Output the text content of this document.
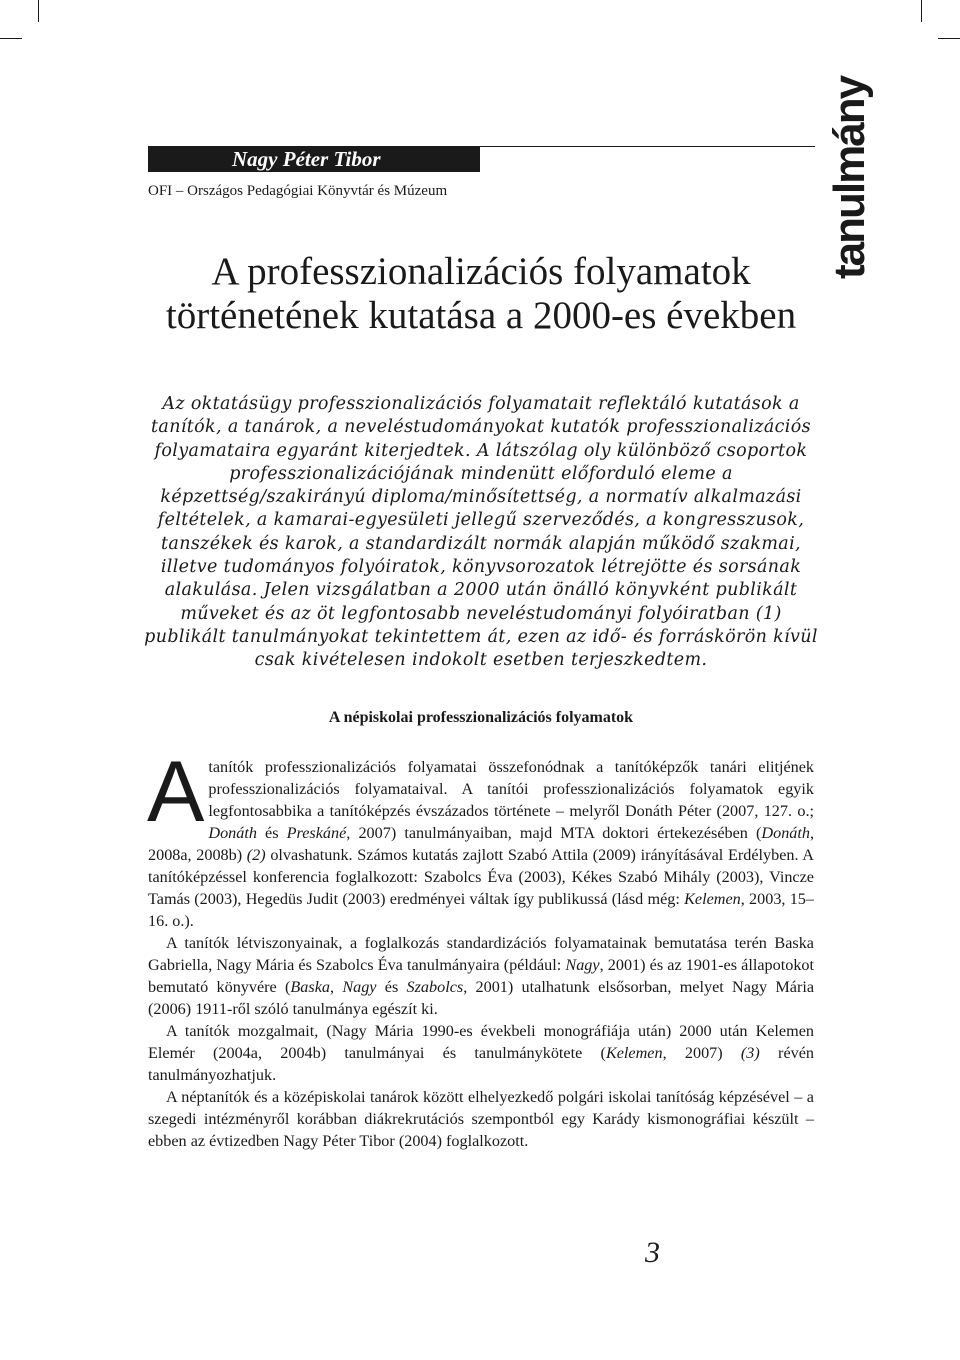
Nagy Péter Tibor
OFI – Országos Pedagógiai Könyvtár és Múzeum	tanulmány
A professzionalizációs folyamatok történetének kutatása a 2000-es években

Az oktatásügy professzionalizációs folyamatait reflektáló kutatások a tanítók, a tanárok, a neveléstudományokat kutatók professzionalizációs folyamataira egyaránt kiterjedtek. A látszólag oly különböző csoportok professzionalizációjának mindenütt előforduló eleme a képzettség/szakirányú diploma/minősítettség, a normatív alkalmazási feltételek, a kamarai-egyesületi jellegű szerveződés, a kongresszusok, tanszékek és karok, a standardizált normák alapján működő szakmai, illetve tudományos folyóiratok, könyvsorozatok létrejötte és sorsának alakulása. Jelen vizsgálatban a 2000 után önálló könyvként publikált műveket és az öt legfontosabb neveléstudományi folyóiratban (1) publikált tanulmányokat tekintettem át, ezen az idő- és forráskörön kívül csak kivételesen indokolt esetben terjeszkedtem.

A népiskolai professzionalizációs folyamatok

A tanítók professzionalizációs folyamatai összefonódnak a tanítóképzők tanári elitjének professzionalizációs folyamataival. A tanítói professzionalizációs folyamatok egyik legfontosabbika a tanítóképzés évszázados története – melyről Donáth Péter (2007, 127. o.; Donáth és Preskáné, 2007) tanulmányaiban, majd MTA doktori értekezésében (Donáth, 2008a, 2008b) (2) olvashatunk. Számos kutatás zajlott Szabó Attila (2009) irányításával Erdélyben. A tanítóképzéssel konferencia foglalkozott: Szabolcs Éva (2003), Kékes Szabó Mihály (2003), Vincze Tamás (2003), Hegedüs Judit (2003) eredményei váltak így publikussá (lásd még: Kelemen, 2003, 15–16. o.).

A tanítók létviszonyainak, a foglalkozás standardizációs folyamatainak bemutatása terén Baska Gabriella, Nagy Mária és Szabolcs Éva tanulmányaira (például: Nagy, 2001) és az 1901-es állapotokot bemutató könyvére (Baska, Nagy és Szabolcs, 2001) utalhatunk elsősorban, melyet Nagy Mária (2006) 1911-ről szóló tanulmánya egészít ki.

A tanítók mozgalmait, (Nagy Mária 1990-es évekbeli monográfiája után) 2000 után Kelemen Elemér (2004a, 2004b) tanulmányai és tanulmánykötete (Kelemen, 2007) (3) révén tanulmányozhatjuk.

A néptanítók és a középiskolai tanárok között elhelyezkedő polgári iskolai tanítóság képzésével – a szegedi intézményről korábban diákrekrutációs szempontból egy Karády kismonográfiai készült – ebben az évtizedben Nagy Péter Tibor (2004) foglalkozott.

3
